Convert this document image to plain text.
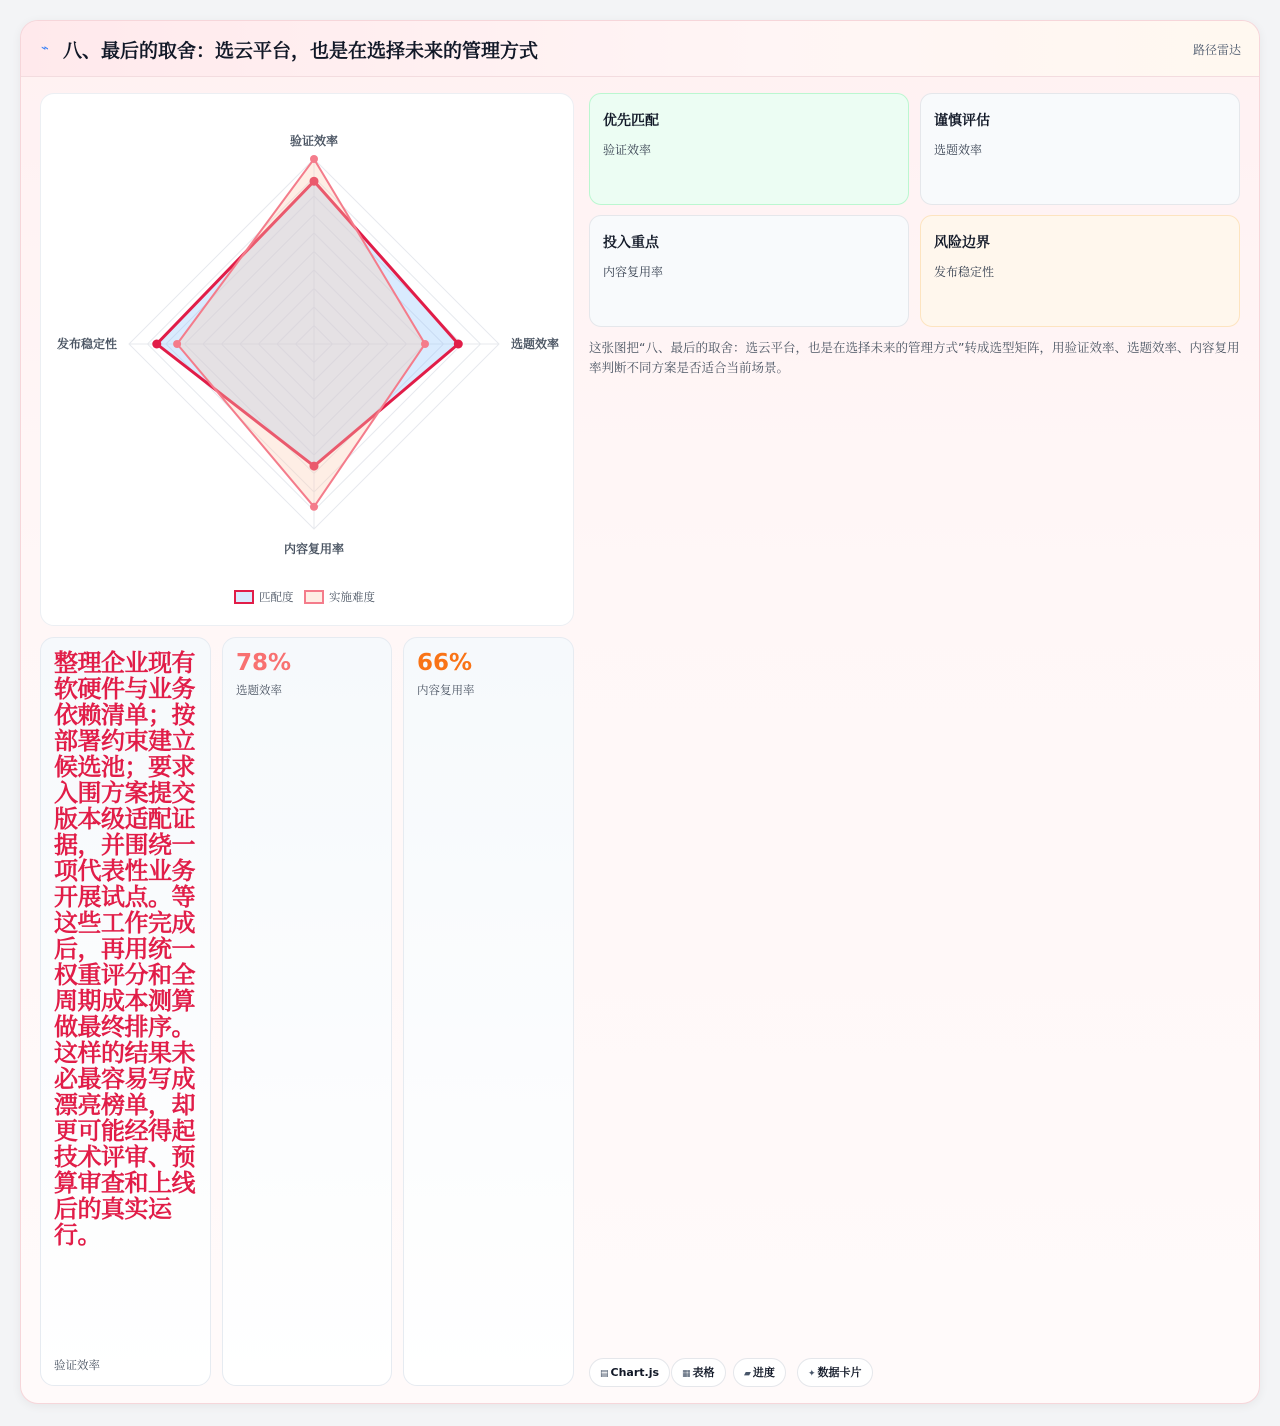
⌁ 八、最后的取舍：选云平台，也是在选择未来的管理方式	路径雷达
验证效率
选题效率
内容复用率
发布稳定性
匹配度	实施难度
优先匹配
验证效率
谨慎评估
选题效率
投入重点
内容复用率
风险边界
发布稳定性
这张图把“八、最后的取舍：选云平台，也是在选择未来的管理方式”转成选型矩阵，用验证效率、选题效率、内容复用率判断不同方案是否适合当前场景。
整理企业现有软硬件与业务依赖清单；按部署约束建立候选池；要求入围方案提交版本级适配证据，并围绕一项代表性业务开展试点。等这些工作完成后，再用统一权重评分和全周期成本测算做最终排序。这样的结果未必最容易写成漂亮榜单，却更可能经得起技术评审、预算审查和上线后的真实运行。
验证效率
78%
选题效率
66%
内容复用率
▤ Chart.js	▦ 表格	▰ 进度	✦ 数据卡片
